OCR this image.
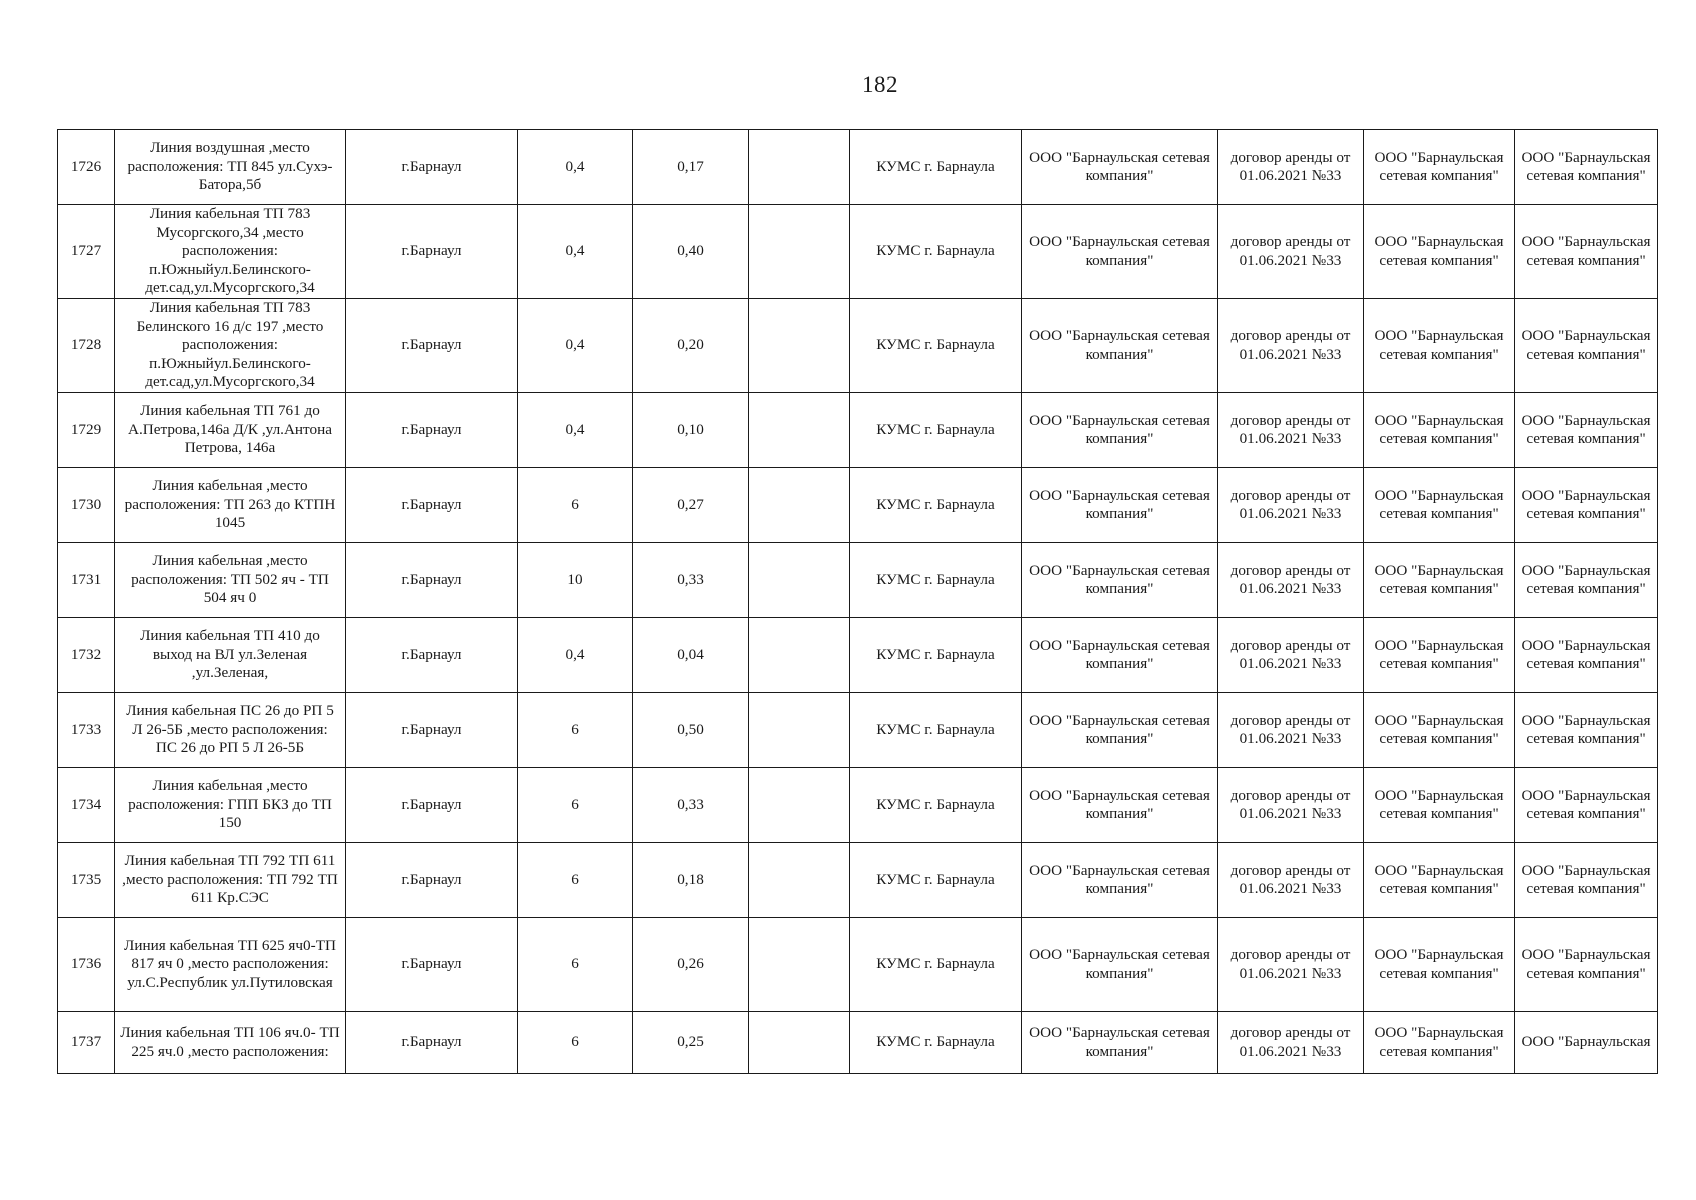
182
1726	Линия воздушная ,место расположения: ТП 845 ул.Сухэ-Батора,5б	г.Барнаул	0,4	0,17		КУМС г. Барнаула	ООО "Барнаульская сетевая компания"	договор аренды от 01.06.2021 №33	ООО "Барнаульская сетевая компания"	ООО "Барнаульская сетевая компания"
1727	Линия кабельная ТП 783 Мусоргского,34 ,место расположения: п.Южныйул.Белинского-дет.сад,ул.Мусоргского,34	г.Барнаул	0,4	0,40		КУМС г. Барнаула	ООО "Барнаульская сетевая компания"	договор аренды от 01.06.2021 №33	ООО "Барнаульская сетевая компания"	ООО "Барнаульская сетевая компания"
1728	Линия кабельная ТП 783 Белинского 16 д/с 197 ,место расположения: п.Южныйул.Белинского-дет.сад,ул.Мусоргского,34	г.Барнаул	0,4	0,20		КУМС г. Барнаула	ООО "Барнаульская сетевая компания"	договор аренды от 01.06.2021 №33	ООО "Барнаульская сетевая компания"	ООО "Барнаульская сетевая компания"
1729	Линия кабельная ТП 761 до А.Петрова,146а Д/К ,ул.Антона Петрова, 146а	г.Барнаул	0,4	0,10		КУМС г. Барнаула	ООО "Барнаульская сетевая компания"	договор аренды от 01.06.2021 №33	ООО "Барнаульская сетевая компания"	ООО "Барнаульская сетевая компания"
1730	Линия кабельная ,место расположения: ТП 263 до КТПН 1045	г.Барнаул	6	0,27		КУМС г. Барнаула	ООО "Барнаульская сетевая компания"	договор аренды от 01.06.2021 №33	ООО "Барнаульская сетевая компания"	ООО "Барнаульская сетевая компания"
1731	Линия кабельная ,место расположения: ТП 502 яч - ТП 504 яч 0	г.Барнаул	10	0,33		КУМС г. Барнаула	ООО "Барнаульская сетевая компания"	договор аренды от 01.06.2021 №33	ООО "Барнаульская сетевая компания"	ООО "Барнаульская сетевая компания"
1732	Линия кабельная ТП 410 до выход на ВЛ ул.Зеленая ,ул.Зеленая,	г.Барнаул	0,4	0,04		КУМС г. Барнаула	ООО "Барнаульская сетевая компания"	договор аренды от 01.06.2021 №33	ООО "Барнаульская сетевая компания"	ООО "Барнаульская сетевая компания"
1733	Линия кабельная ПС 26 до РП 5 Л 26-5Б ,место расположения: ПС 26 до РП 5 Л 26-5Б	г.Барнаул	6	0,50		КУМС г. Барнаула	ООО "Барнаульская сетевая компания"	договор аренды от 01.06.2021 №33	ООО "Барнаульская сетевая компания"	ООО "Барнаульская сетевая компания"
1734	Линия кабельная ,место расположения: ГПП БКЗ до ТП 150	г.Барнаул	6	0,33		КУМС г. Барнаула	ООО "Барнаульская сетевая компания"	договор аренды от 01.06.2021 №33	ООО "Барнаульская сетевая компания"	ООО "Барнаульская сетевая компания"
1735	Линия кабельная ТП 792 ТП 611 ,место расположения: ТП 792 ТП 611 Кр.СЭС	г.Барнаул	6	0,18		КУМС г. Барнаула	ООО "Барнаульская сетевая компания"	договор аренды от 01.06.2021 №33	ООО "Барнаульская сетевая компания"	ООО "Барнаульская сетевая компания"
1736	Линия кабельная ТП 625 яч0-ТП 817 яч 0 ,место расположения: ул.С.Республик ул.Путиловская	г.Барнаул	6	0,26		КУМС г. Барнаула	ООО "Барнаульская сетевая компания"	договор аренды от 01.06.2021 №33	ООО "Барнаульская сетевая компания"	ООО "Барнаульская сетевая компания"
1737	Линия кабельная ТП 106 яч.0- ТП 225 яч.0 ,место расположения:	г.Барнаул	6	0,25		КУМС г. Барнаула	ООО "Барнаульская сетевая компания"	договор аренды от 01.06.2021 №33	ООО "Барнаульская сетевая компания"	ООО "Барнаульская
